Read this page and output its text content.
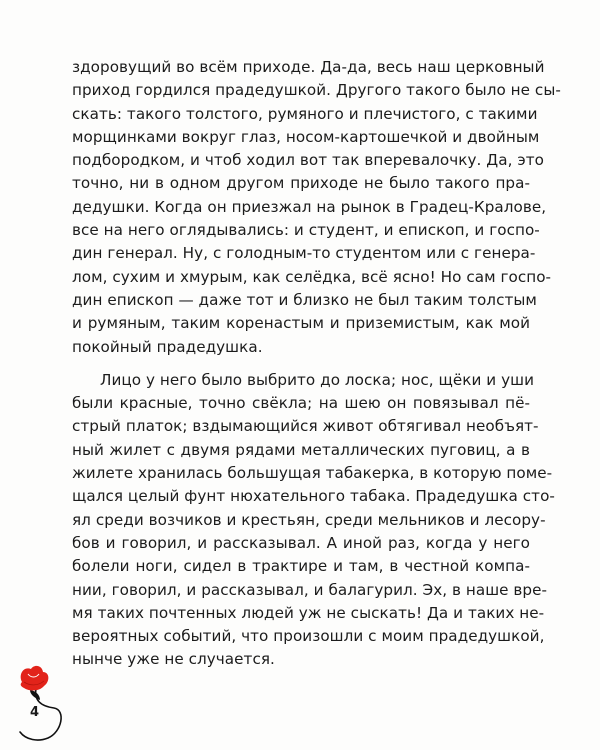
здоровущий во всём приходе. Да-да, весь наш церковный
приход гордился прадедушкой. Другого такого было не сы-
скать: такого толстого, румяного и плечистого, с такими
морщинками вокруг глаз, носом-картошечкой и двойным
подбородком, и чтоб ходил вот так вперевалочку. Да, это
точно, ни в одном другом приходе не было такого пра-
дедушки. Когда он приезжал на рынок в Градец-Кралове,
все на него оглядывались: и студент, и епископ, и госпо-
дин генерал. Ну, с голодным-то студентом или с генера-
лом, сухим и хмурым, как селёдка, всё ясно! Но сам госпо-
дин епископ — даже тот и близко не был таким толстым
и румяным, таким коренастым и приземистым, как мой
покойный прадедушка.
Лицо у него было выбрито до лоска; нос, щёки и уши
были красные, точно свёкла; на шею он повязывал пё-
стрый платок; вздымающийся живот обтягивал необъят-
ный жилет с двумя рядами металлических пуговиц, а в
жилете хранилась большущая табакерка, в которую поме-
щался целый фунт нюхательного табака. Прадедушка сто-
ял среди возчиков и крестьян, среди мельников и лесору-
бов и говорил, и рассказывал. А иной раз, когда у него
болели ноги, сидел в трактире и там, в честной компа-
нии, говорил, и рассказывал, и балагурил. Эх, в наше вре-
мя таких почтенных людей уж не сыскать! Да и таких не-
вероятных событий, что произошли с моим прадедушкой,
нынче уже не случается.
4
